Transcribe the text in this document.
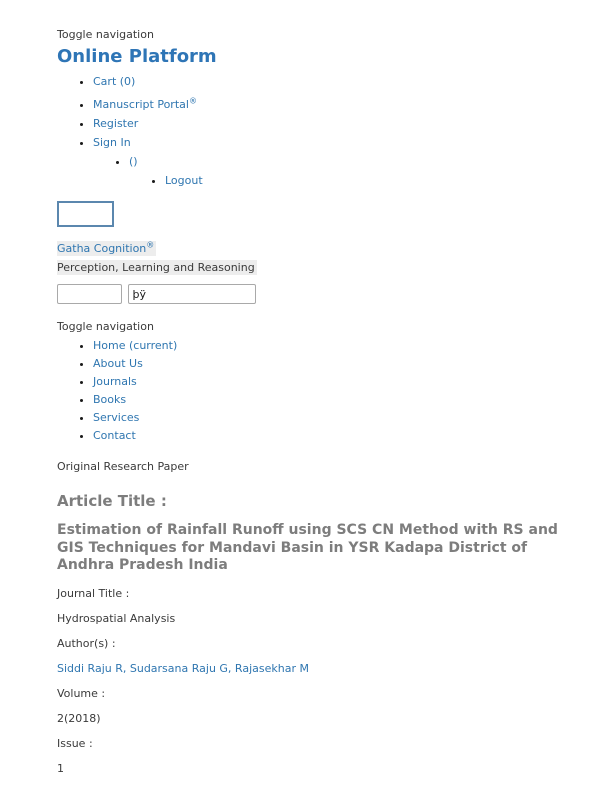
Toggle navigation
Online Platform
• Cart (0)
• Manuscript Portal®
• Register
• Sign In
• ()
• Logout
Gatha Cognition®
Perception, Learning and Reasoning
þÿ
Toggle navigation
• Home (current)
• About Us
• Journals
• Books
• Services
• Contact
Original Research Paper
Article Title :
Estimation of Rainfall Runoff using SCS CN Method with RS and GIS Techniques for Mandavi Basin in YSR Kadapa District of Andhra Pradesh India

Journal Title :

Hydrospatial Analysis

Author(s) :

Siddi Raju R, Sudarsana Raju G, Rajasekhar M

Volume :

2(2018)

Issue :

1
